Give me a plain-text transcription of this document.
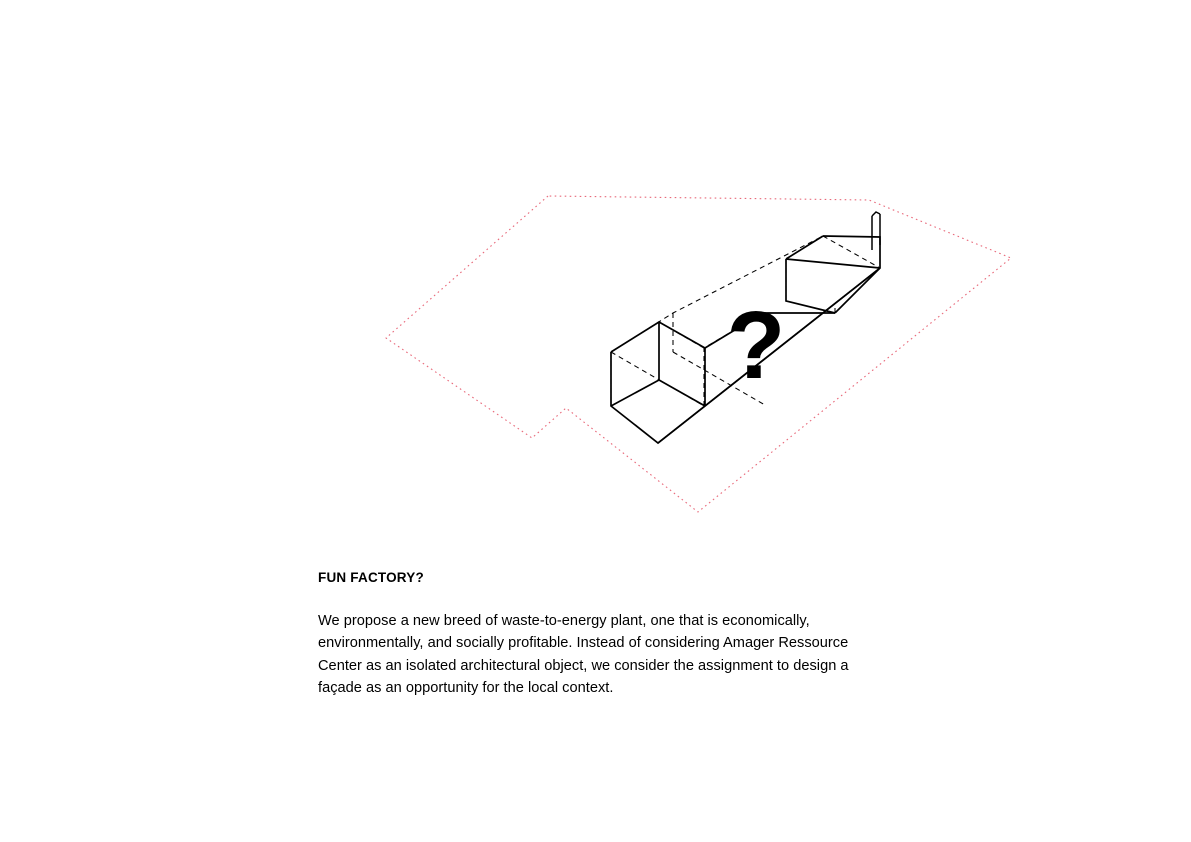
?

FUN FACTORY?

We propose a new breed of waste-to-energy plant, one that is economically, environmentally, and socially profitable. Instead of considering Amager Ressource Center as an isolated architectural object, we consider the assignment to design a façade as an opportunity for the local context.
